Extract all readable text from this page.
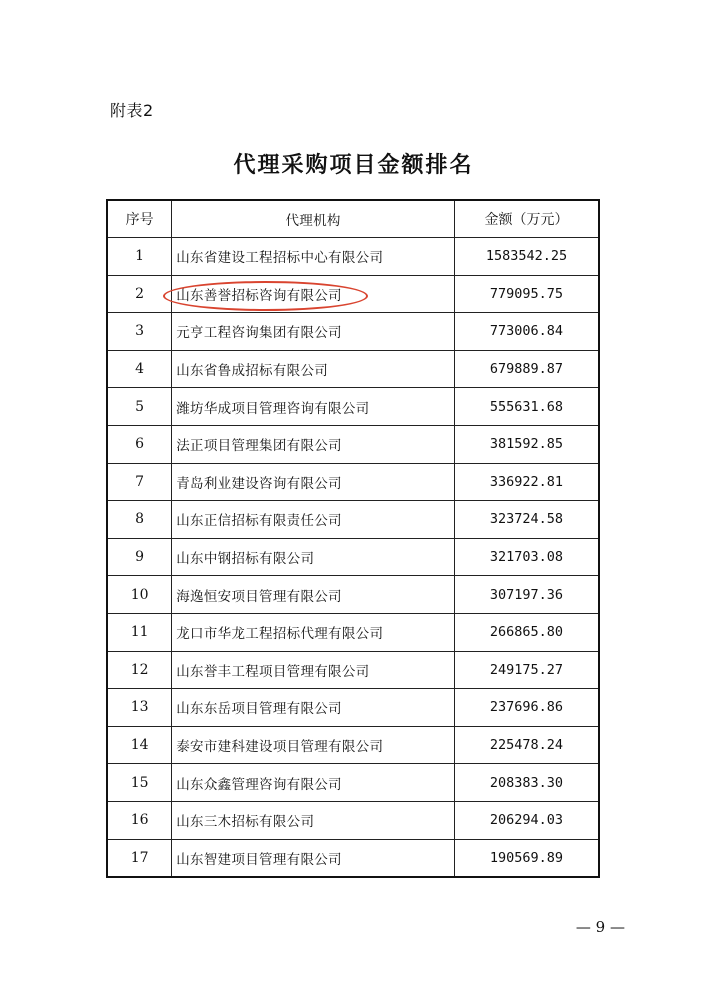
附表2
代理采购项目金额排名
序号	代理机构	金额（万元）
1	山东省建设工程招标中心有限公司	1583542.25
2	山东善誉招标咨询有限公司	779095.75
3	元亨工程咨询集团有限公司	773006.84
4	山东省鲁成招标有限公司	679889.87
5	潍坊华成项目管理咨询有限公司	555631.68
6	法正项目管理集团有限公司	381592.85
7	青岛利业建设咨询有限公司	336922.81
8	山东正信招标有限责任公司	323724.58
9	山东中钢招标有限公司	321703.08
10	海逸恒安项目管理有限公司	307197.36
11	龙口市华龙工程招标代理有限公司	266865.80
12	山东誉丰工程项目管理有限公司	249175.27
13	山东东岳项目管理有限公司	237696.86
14	泰安市建科建设项目管理有限公司	225478.24
15	山东众鑫管理咨询有限公司	208383.30
16	山东三木招标有限公司	206294.03
17	山东智建项目管理有限公司	190569.89
— 9 —
